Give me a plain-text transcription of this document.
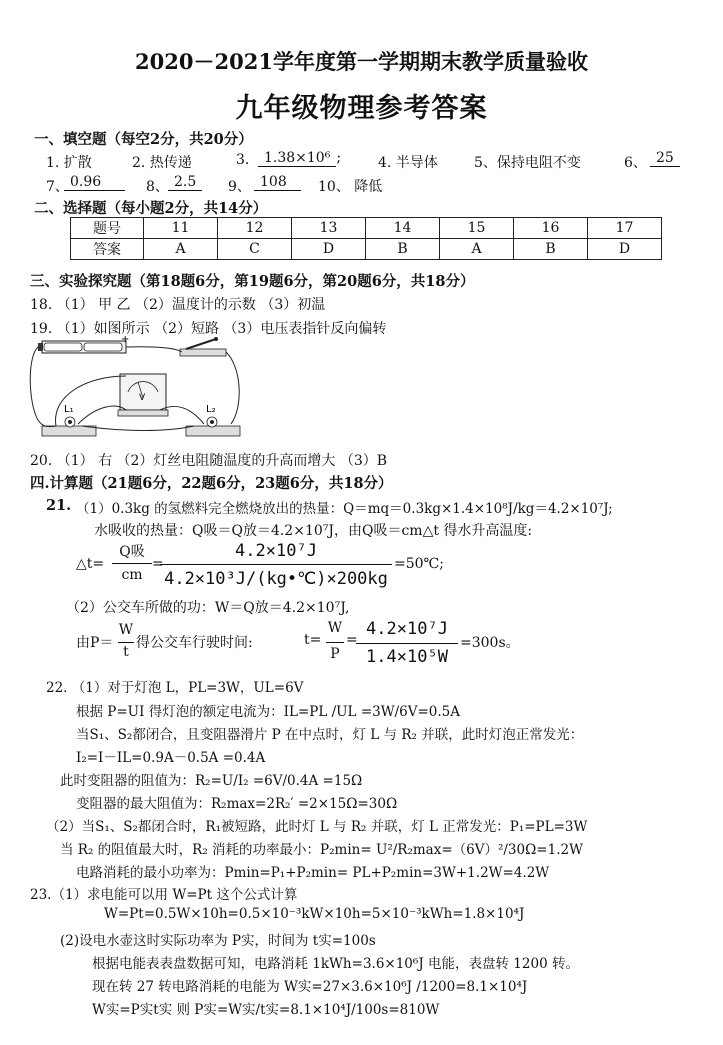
2020－2021学年度第一学期期末教学质量验收
九年级物理参考答案
一、填空题（每空2分，共20分）
1. 扩散	2. 热传递	3.	1.38×10⁶ ;	4. 半导体	5、保持电阻不变	6、 25
7、 0.96	8、 2.5	9、 108	10、 降低
二、选择题（每小题2分，共14分）
题号	11	12	13	14	15	16	17
答案	A	C	D	B	A	B	D
三、实验探究题（第18题6分，第19题6分，第20题6分，共18分）
18. （1） 甲 乙 （2）温度计的示数 （3）初温
19. （1）如图所示 （2）短路 （3）电压表指针反向偏转
+
V
L₁	L₂
20. （1） 右 （2）灯丝电阻随温度的升高而增大 （3）B
四.计算题（21题6分，22题6分，23题6分，共18分）
21. （1）0.3kg 的氢燃料完全燃烧放出的热量：Q＝mq＝0.3kg×1.4×10⁸J/kg＝4.2×10⁷J;
水吸收的热量：Q吸＝Q放＝4.2×10⁷J，由Q吸＝cm△t 得水升高温度:
△t=
Q吸
cm
=
4.2×10⁷J
4.2×10³J/(kg•℃)×200kg
=50℃;
（2）公交车所做的功：W＝Q放＝4.2×10⁷J,
由P＝
W
t
得公交车行驶时间:	t=
W
P
=
4.2×10⁷J
1.4×10⁵W
=300s。
22. （1）对于灯泡 L，PL=3W，UL=6V
根据 P=UI 得灯泡的额定电流为：IL=PL /UL =3W/6V=0.5A
当S₁、S₂都闭合，且变阻器滑片 P 在中点时，灯 L 与 R₂ 并联，此时灯泡正常发光：
I₂=I－IL=0.9A－0.5A =0.4A
此时变阻器的阻值为：R₂=U/I₂ =6V/0.4A =15Ω
变阻器的最大阻值为：R₂max=2R₂′ =2×15Ω=30Ω
（2）当S₁、S₂都闭合时，R₁被短路，此时灯 L 与 R₂ 并联，灯 L 正常发光：P₁=PL=3W
当 R₂ 的阻值最大时，R₂ 消耗的功率最小：P₂min= U²/R₂max=（6V）²/30Ω=1.2W
电路消耗的最小功率为：Pmin=P₁+P₂min= PL+P₂min=3W+1.2W=4.2W
23.（1）求电能可以用 W=Pt 这个公式计算
W=Pt=0.5W×10h=0.5×10⁻³kW×10h=5×10⁻³kWh=1.8×10⁴J
(2)设电水壶这时实际功率为 P实，时间为 t实=100s
根据电能表表盘数据可知，电路消耗 1kWh=3.6×10⁶J 电能，表盘转 1200 转。
现在转 27 转电路消耗的电能为 W实=27×3.6×10⁶J /1200=8.1×10⁴J
W实=P实t实 则 P实=W实/t实=8.1×10⁴J/100s=810W
